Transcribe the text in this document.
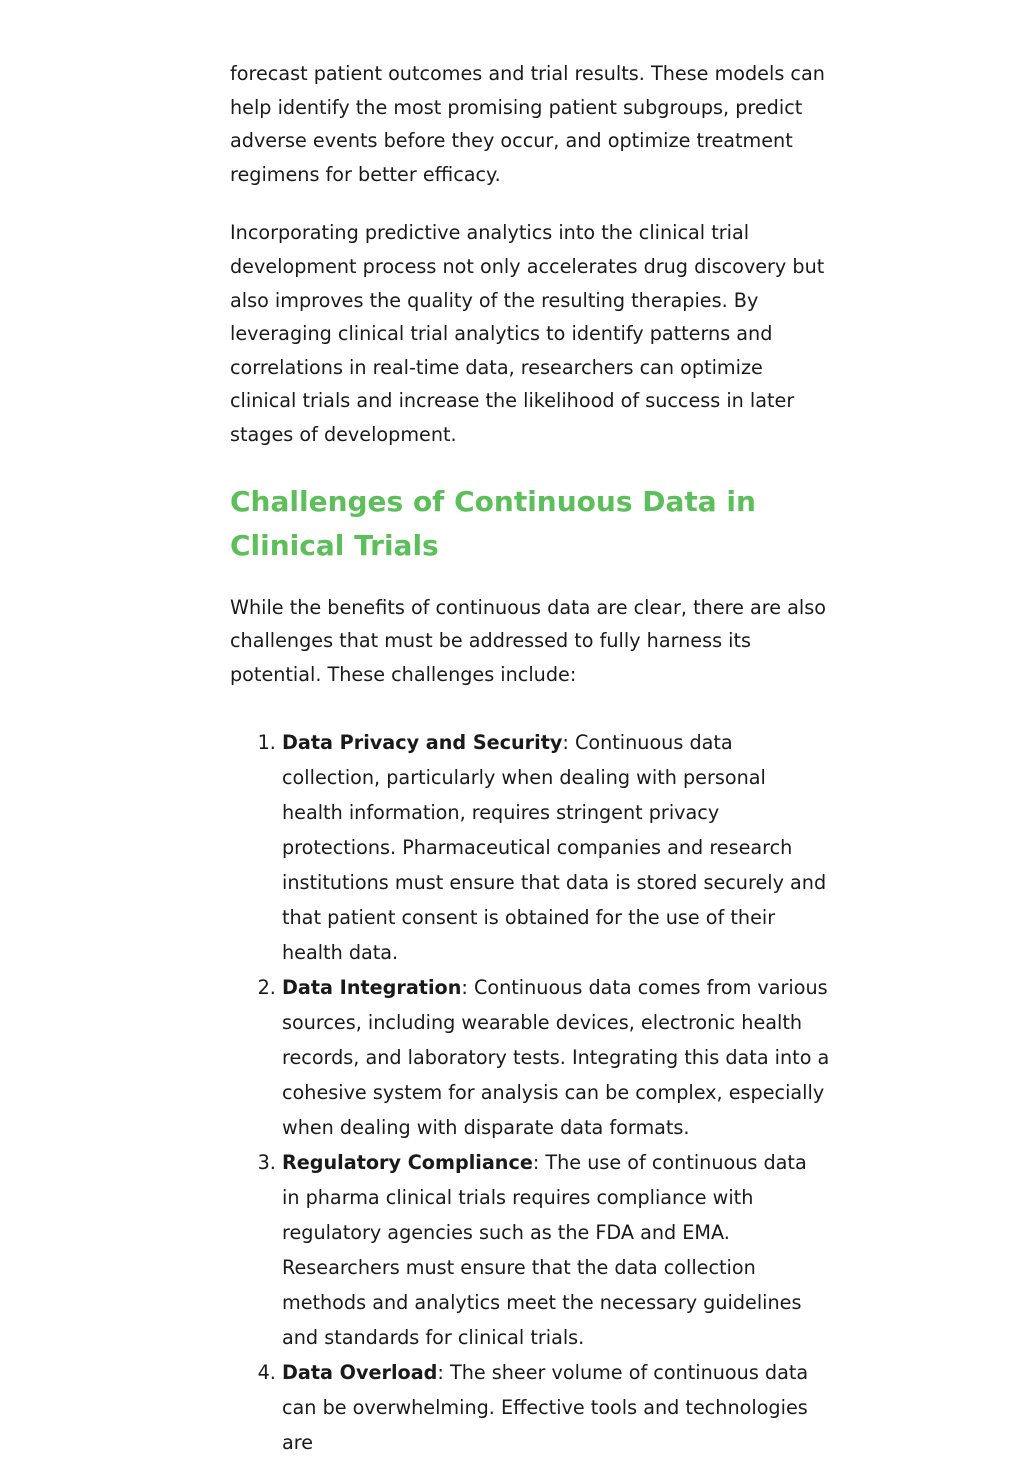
forecast patient outcomes and trial results. These models can help identify the most promising patient subgroups, predict adverse events before they occur, and optimize treatment regimens for better efficacy.

Incorporating predictive analytics into the clinical trial development process not only accelerates drug discovery but also improves the quality of the resulting therapies. By leveraging clinical trial analytics to identify patterns and correlations in real-time data, researchers can optimize clinical trials and increase the likelihood of success in later stages of development.

Challenges of Continuous Data in Clinical Trials

While the benefits of continuous data are clear, there are also challenges that must be addressed to fully harness its potential. These challenges include:

1. Data Privacy and Security: Continuous data collection, particularly when dealing with personal health information, requires stringent privacy protections. Pharmaceutical companies and research institutions must ensure that data is stored securely and that patient consent is obtained for the use of their health data.
2. Data Integration: Continuous data comes from various sources, including wearable devices, electronic health records, and laboratory tests. Integrating this data into a cohesive system for analysis can be complex, especially when dealing with disparate data formats.
3. Regulatory Compliance: The use of continuous data in pharma clinical trials requires compliance with regulatory agencies such as the FDA and EMA. Researchers must ensure that the data collection methods and analytics meet the necessary guidelines and standards for clinical trials.
4. Data Overload: The sheer volume of continuous data can be overwhelming. Effective tools and technologies are
